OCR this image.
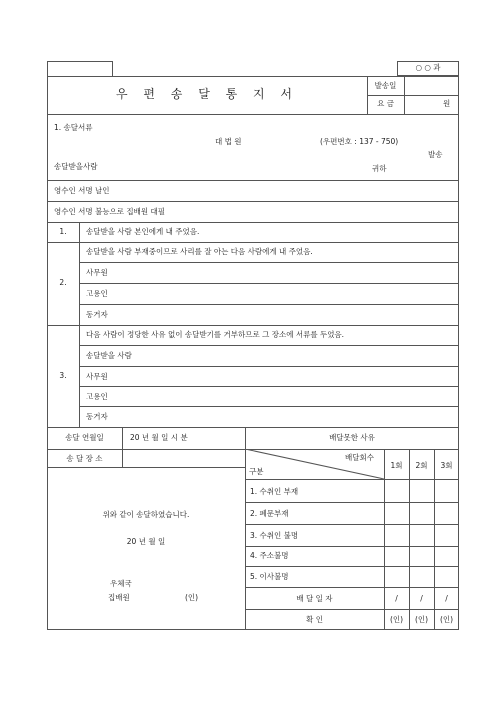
○ ○ 과
우 편 송 달 통 지 서
발송일
요 금	원
1. 송달서류
대 법 원	(우편번호 : 137 - 750)
발송
송달받을사람	귀하
영수인 서명 날인
영수인 서명 불능으로 집배원 대필
1.	송달받을 사람 본인에게 내 주었음.
송달받을 사람 부재중이므로 사리를 잘 아는 다음 사람에게 내 주었음.
사무원
고용인
동거자
2.
다음 사람이 정당한 사유 없이 송달받기를 거부하므로 그 장소에 서류를 두었음.
송달받을 사람
사무원
고용인
동거자
3.
송달 연월일	20 년 월 일 시 분	배달못한 사유
송 달 장 소	배달회수
구분
1회	2회	3회
1. 수취인 부재
2. 폐문부재
3. 수취인 불명
4. 주소불명
5. 이사불명
배 달 일 자	/	/	/
확 인	(인)	(인)	(인)
위와 같이 송달하였습니다.
20 년 월 일
우체국
집배원	(인)
